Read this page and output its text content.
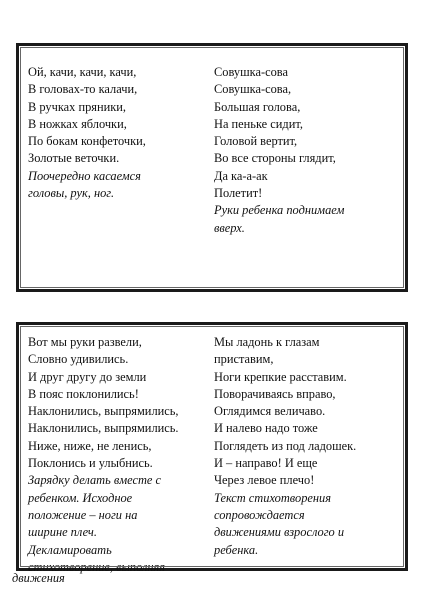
Ой, качи, качи, качи,
В головах-то калачи,
В ручках пряники,
В ножках яблочки,
По бокам конфеточки,
Золотые веточки.
Поочередно касаемся
головы, рук, ног.
Совушка-сова
Совушка-сова,
Большая голова,
На пеньке сидит,
Головой вертит,
Во все стороны глядит,
Да ка-а-ак
Полетит!
Руки ребенка поднимаем
вверх.
Вот мы руки развели,
Словно удивились.
И друг другу до земли
В пояс поклонились!
Наклонились, выпрямились,
Наклонились, выпрямились.
Ниже, ниже, не ленись,
Поклонись и улыбнись.
Зарядку делать вместе с
ребенком. Исходное
положение – ноги на
ширине плеч.
Декламировать
стихотворение, выполняя
Мы ладонь к глазам
приставим,
Ноги крепкие расставим.
Поворачиваясь вправо,
Оглядимся величаво.
И налево надо тоже
Поглядеть из под ладошек.
И – направо! И еще
Через левое плечо!
Текст стихотворения
сопровождается
движениями взрослого и
ребенка.
движения
